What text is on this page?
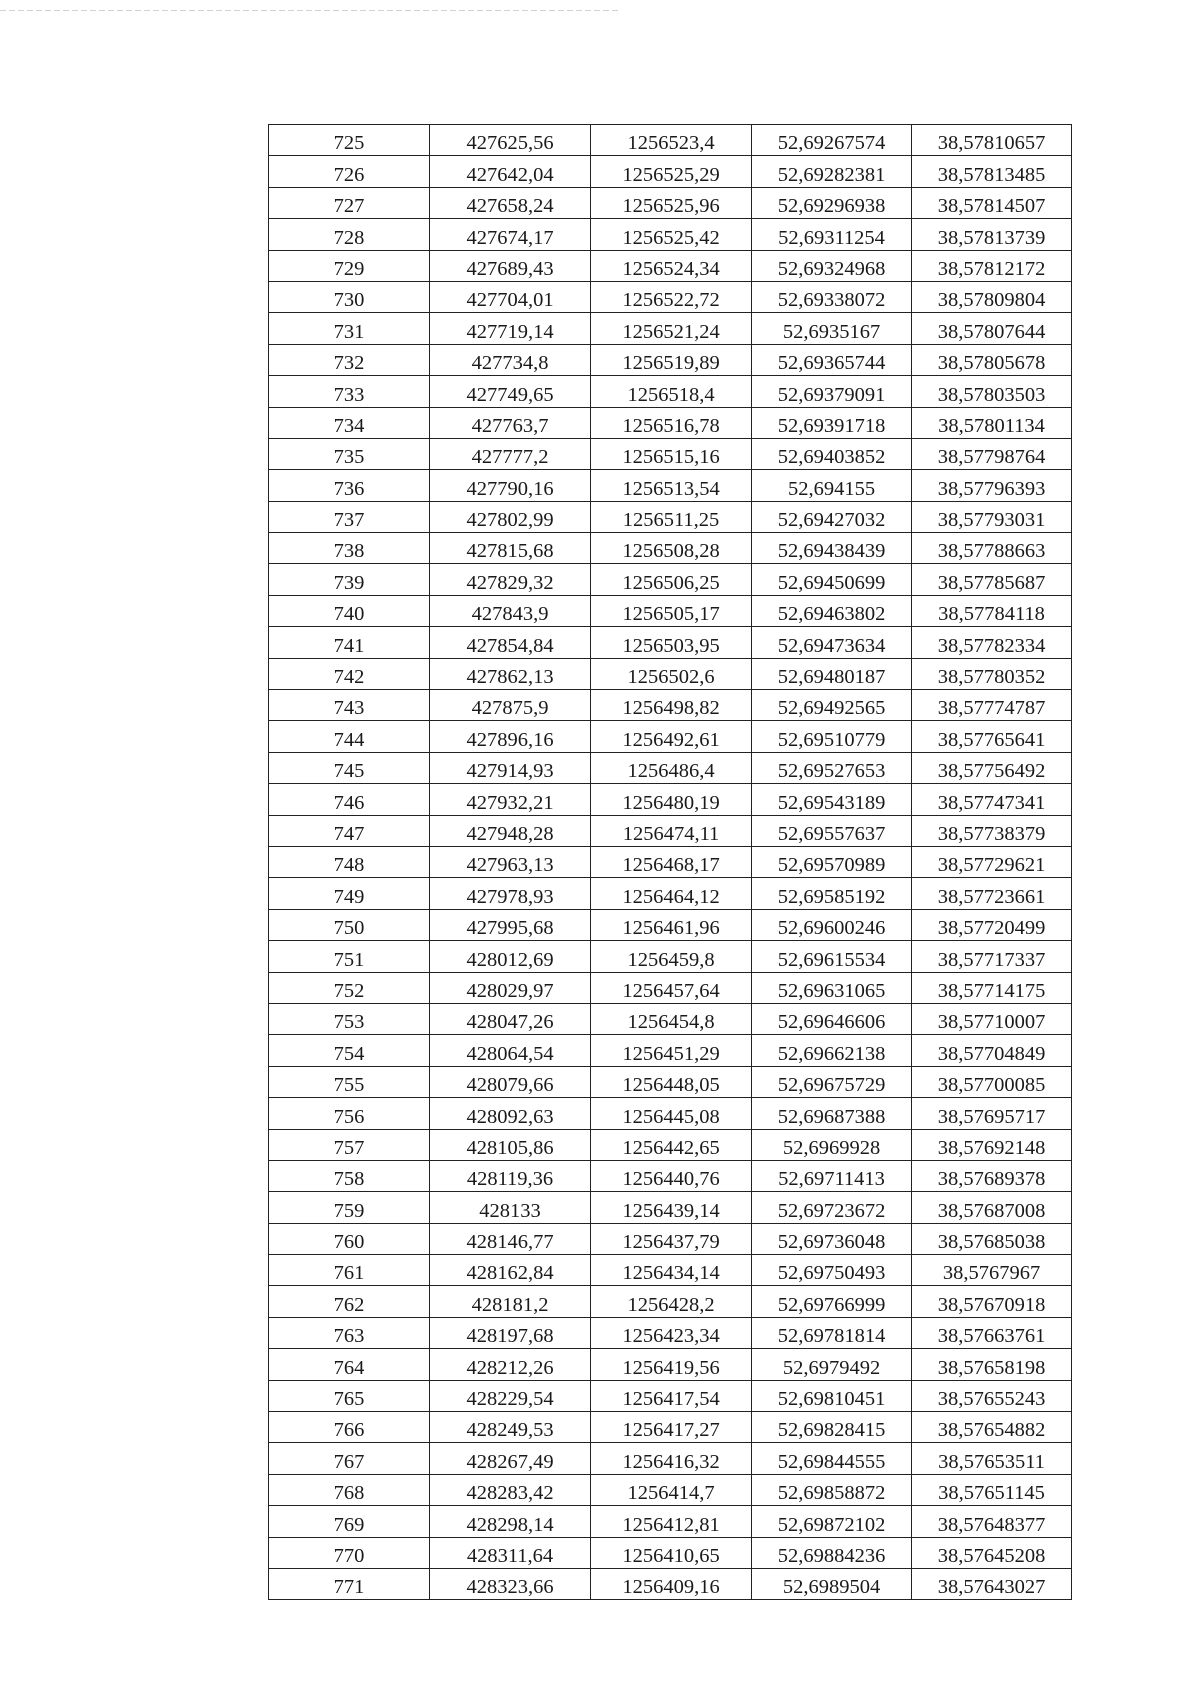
725	427625,56	1256523,4	52,69267574	38,57810657
726	427642,04	1256525,29	52,69282381	38,57813485
727	427658,24	1256525,96	52,69296938	38,57814507
728	427674,17	1256525,42	52,69311254	38,57813739
729	427689,43	1256524,34	52,69324968	38,57812172
730	427704,01	1256522,72	52,69338072	38,57809804
731	427719,14	1256521,24	52,6935167	38,57807644
732	427734,8	1256519,89	52,69365744	38,57805678
733	427749,65	1256518,4	52,69379091	38,57803503
734	427763,7	1256516,78	52,69391718	38,57801134
735	427777,2	1256515,16	52,69403852	38,57798764
736	427790,16	1256513,54	52,694155	38,57796393
737	427802,99	1256511,25	52,69427032	38,57793031
738	427815,68	1256508,28	52,69438439	38,57788663
739	427829,32	1256506,25	52,69450699	38,57785687
740	427843,9	1256505,17	52,69463802	38,57784118
741	427854,84	1256503,95	52,69473634	38,57782334
742	427862,13	1256502,6	52,69480187	38,57780352
743	427875,9	1256498,82	52,69492565	38,57774787
744	427896,16	1256492,61	52,69510779	38,57765641
745	427914,93	1256486,4	52,69527653	38,57756492
746	427932,21	1256480,19	52,69543189	38,57747341
747	427948,28	1256474,11	52,69557637	38,57738379
748	427963,13	1256468,17	52,69570989	38,57729621
749	427978,93	1256464,12	52,69585192	38,57723661
750	427995,68	1256461,96	52,69600246	38,57720499
751	428012,69	1256459,8	52,69615534	38,57717337
752	428029,97	1256457,64	52,69631065	38,57714175
753	428047,26	1256454,8	52,69646606	38,57710007
754	428064,54	1256451,29	52,69662138	38,57704849
755	428079,66	1256448,05	52,69675729	38,57700085
756	428092,63	1256445,08	52,69687388	38,57695717
757	428105,86	1256442,65	52,6969928	38,57692148
758	428119,36	1256440,76	52,69711413	38,57689378
759	428133	1256439,14	52,69723672	38,57687008
760	428146,77	1256437,79	52,69736048	38,57685038
761	428162,84	1256434,14	52,69750493	38,5767967
762	428181,2	1256428,2	52,69766999	38,57670918
763	428197,68	1256423,34	52,69781814	38,57663761
764	428212,26	1256419,56	52,6979492	38,57658198
765	428229,54	1256417,54	52,69810451	38,57655243
766	428249,53	1256417,27	52,69828415	38,57654882
767	428267,49	1256416,32	52,69844555	38,57653511
768	428283,42	1256414,7	52,69858872	38,57651145
769	428298,14	1256412,81	52,69872102	38,57648377
770	428311,64	1256410,65	52,69884236	38,57645208
771	428323,66	1256409,16	52,6989504	38,57643027
